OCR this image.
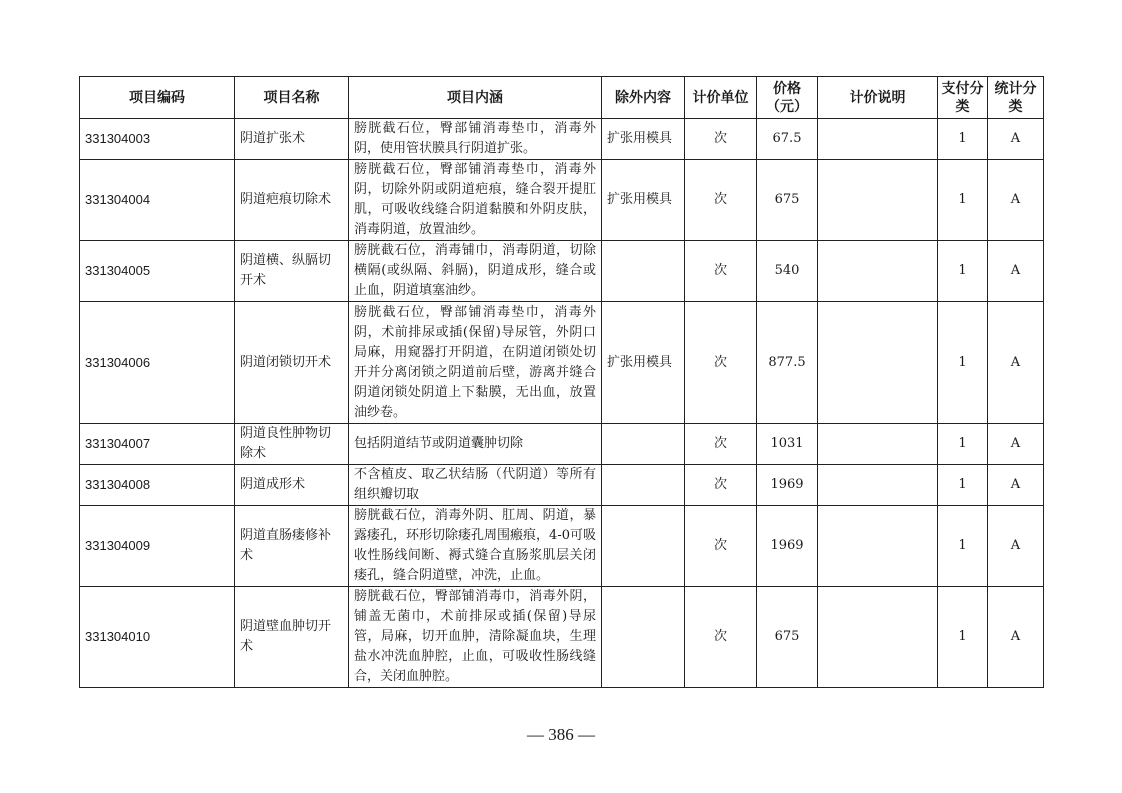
项目编码	项目名称	项目内涵	除外内容	计价单位	价格（元）	计价说明	支付分类	统计分类
331304003	阴道扩张术	膀胱截石位，臀部铺消毒垫巾，消毒外阴，使用管状膜具行阴道扩张。	扩张用模具	次	67.5		1	A
331304004	阴道疤痕切除术	膀胱截石位，臀部铺消毒垫巾，消毒外阴，切除外阴或阴道疤痕，缝合裂开提肛肌，可吸收线缝合阴道黏膜和外阴皮肤，消毒阴道，放置油纱。	扩张用模具	次	675		1	A
331304005	阴道横、纵膈切开术	膀胱截石位，消毒铺巾，消毒阴道，切除横隔(或纵隔、斜膈)，阴道成形，缝合或止血，阴道填塞油纱。		次	540		1	A
331304006	阴道闭锁切开术	膀胱截石位，臀部铺消毒垫巾，消毒外阴，术前排尿或插(保留)导尿管，外阴口局麻，用窥器打开阴道，在阴道闭锁处切开并分离闭锁之阴道前后壁，游离并缝合阴道闭锁处阴道上下黏膜，无出血，放置油纱卷。	扩张用模具	次	877.5		1	A
331304007	阴道良性肿物切除术	包括阴道结节或阴道囊肿切除		次	1031		1	A
331304008	阴道成形术	不含植皮、取乙状结肠（代阴道）等所有组织瓣切取		次	1969		1	A
331304009	阴道直肠瘘修补术	膀胱截石位，消毒外阴、肛周、阴道，暴露瘘孔，环形切除瘘孔周围瘢痕，4-0可吸收性肠线间断、褥式缝合直肠浆肌层关闭瘘孔，缝合阴道壁，冲洗，止血。		次	1969		1	A
331304010	阴道壁血肿切开术	膀胱截石位，臀部铺消毒巾，消毒外阴，铺盖无菌巾，术前排尿或插(保留)导尿管，局麻，切开血肿，清除凝血块，生理盐水冲洗血肿腔，止血，可吸收性肠线缝合，关闭血肿腔。		次	675		1	A
— 386 —
